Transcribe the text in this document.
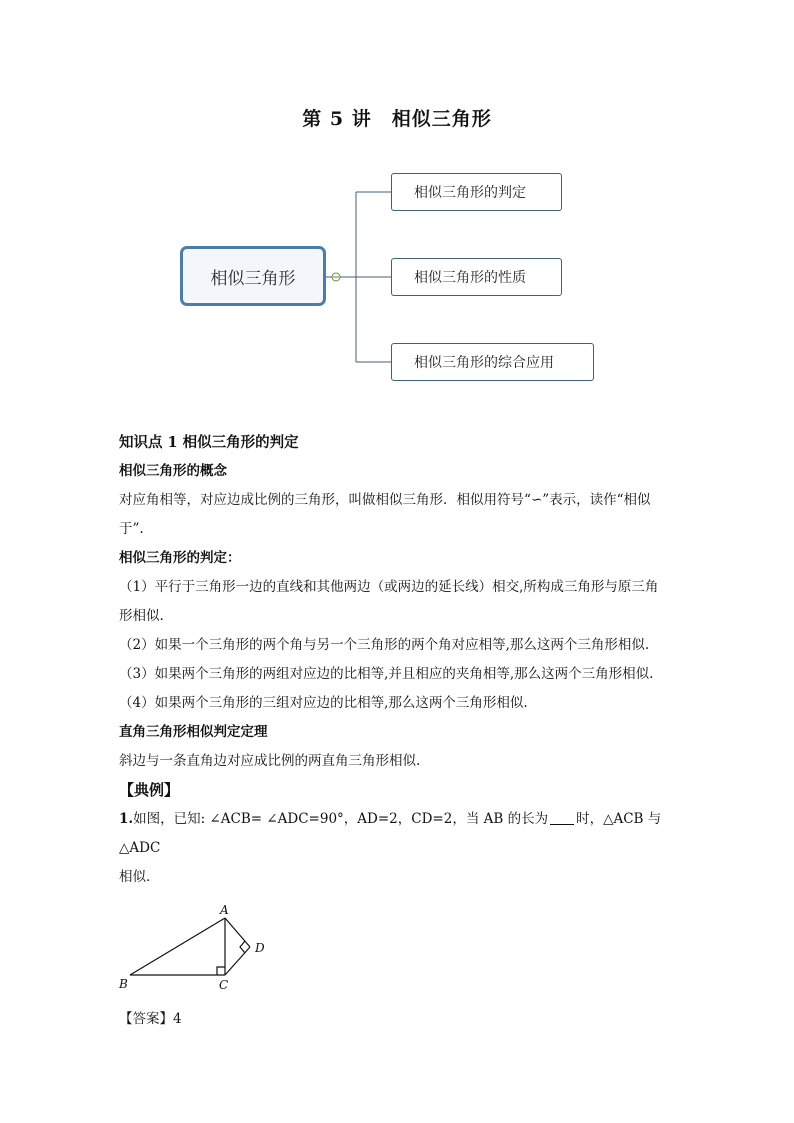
第 5 讲　相似三角形
相似三角形
相似三角形的判定
相似三角形的性质
相似三角形的综合应用

知识点 1 相似三角形的判定

相似三角形的概念

对应角相等，对应边成比例的三角形，叫做相似三角形．相似用符号“∽”表示，读作“相似

于”.

相似三角形的判定：

（1）平行于三角形一边的直线和其他两边（或两边的延长线）相交,所构成三角形与原三角

形相似.

（2）如果一个三角形的两个角与另一个三角形的两个角对应相等,那么这两个三角形相似.

（3）如果两个三角形的两组对应边的比相等,并且相应的夹角相等,那么这两个三角形相似.

（4）如果两个三角形的三组对应边的比相等,那么这两个三角形相似.

直角三角形相似判定定理

斜边与一条直角边对应成比例的两直角三角形相似.

【典例】

1.如图，已知: ∠ACB= ∠ADC=90°，AD=2，CD=2，当 AB 的长为 时，△ACB 与△ADC

相似．

A
B	C
D
【答案】4
